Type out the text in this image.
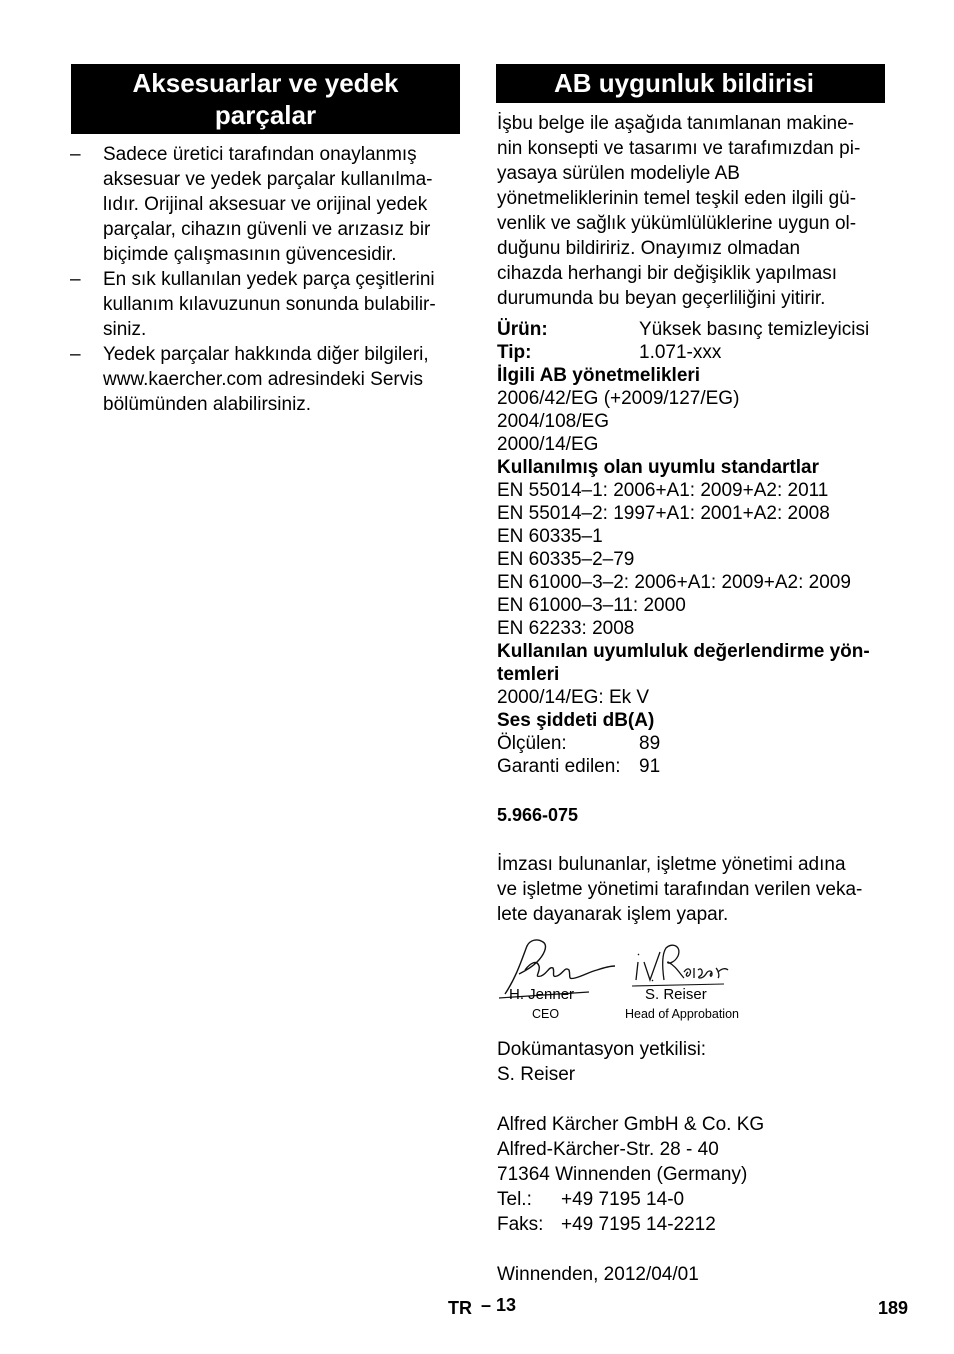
Aksesuarlar ve yedek
parçalar
– Sadece üretici tarafından onaylanmış
aksesuar ve yedek parçalar kullanılma-
lıdır. Orijinal aksesuar ve orijinal yedek
parçalar, cihazın güvenli ve arızasız bir
biçimde çalışmasının güvencesidir.
– En sık kullanılan yedek parça çeşitlerini
kullanım kılavuzunun sonunda bulabilir-
siniz.
– Yedek parçalar hakkında diğer bilgileri,
www.kaercher.com adresindeki Servis
bölümünden alabilirsiniz.
AB uygunluk bildirisi
İşbu belge ile aşağıda tanımlanan makine-
nin konsepti ve tasarımı ve tarafımızdan pi-
yasaya sürülen modeliyle AB
yönetmeliklerinin temel teşkil eden ilgili gü-
venlik ve sağlık yükümlülüklerine uygun ol-
duğunu bildiririz. Onayımız olmadan
cihazda herhangi bir değişiklik yapılması
durumunda bu beyan geçerliliğini yitirir.
Ürün:	Yüksek basınç temizleyicisi
Tip:	1.071-xxx
İlgili AB yönetmelikleri
2006/42/EG (+2009/127/EG)
2004/108/EG
2000/14/EG
Kullanılmış olan uyumlu standartlar
EN 55014–1: 2006+A1: 2009+A2: 2011
EN 55014–2: 1997+A1: 2001+A2: 2008
EN 60335–1
EN 60335–2–79
EN 61000–3–2: 2006+A1: 2009+A2: 2009
EN 61000–3–11: 2000
EN 62233: 2008
Kullanılan uyumluluk değerlendirme yön-
temleri
2000/14/EG: Ek V
Ses şiddeti dB(A)
Ölçülen:	89
Garanti edilen: 91
5.966-075
İmzası bulunanlar, işletme yönetimi adına
ve işletme yönetimi tarafından verilen veka-
lete dayanarak işlem yapar.
H. Jenner
CEO
S. Reiser
Head of Approbation
Dokümantasyon yetkilisi:
S. Reiser
Alfred Kärcher GmbH & Co. KG
Alfred-Kärcher-Str. 28 - 40
71364 Winnenden (Germany)
Tel.: +49 7195 14-0
Faks: +49 7195 14-2212
Winnenden, 2012/04/01
TR – 13	189
